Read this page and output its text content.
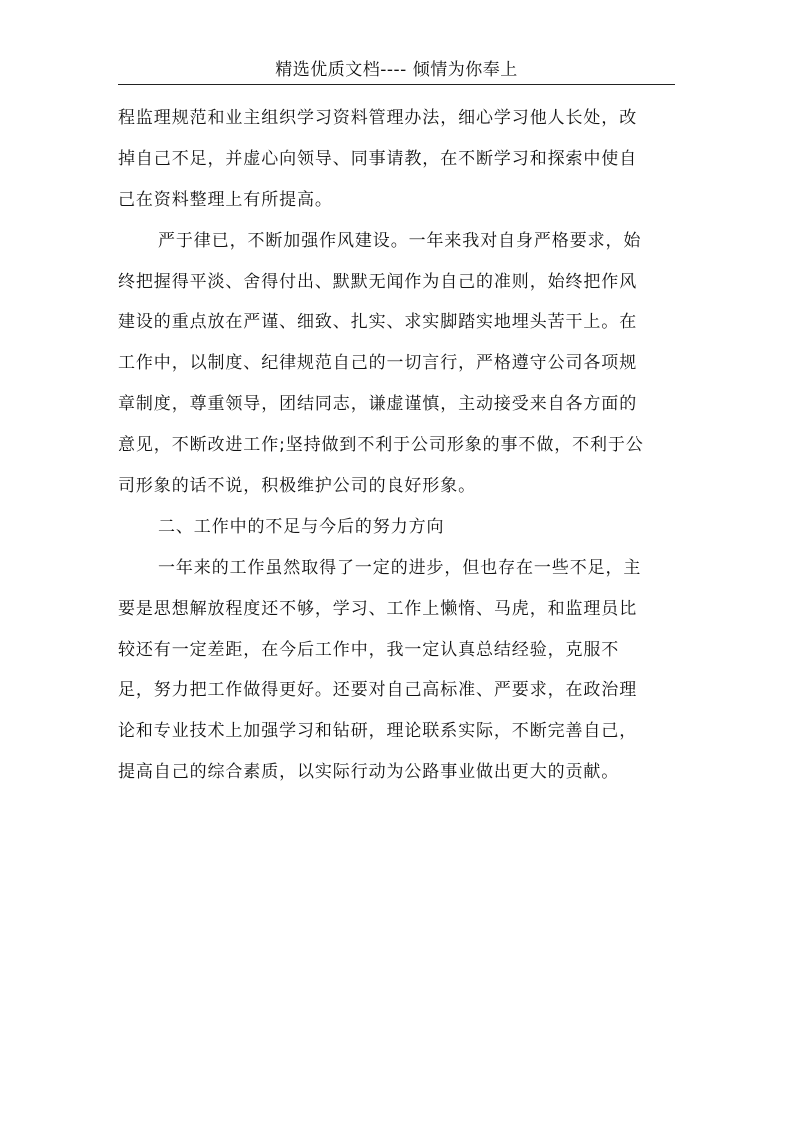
精选优质文档---- 倾情为你奉上
程监理规范和业主组织学习资料管理办法，细心学习他人长处，改
掉自己不足，并虚心向领导、同事请教，在不断学习和探索中使自
己在资料整理上有所提高。
严于律已，不断加强作风建设。一年来我对自身严格要求，始
终把握得平淡、舍得付出、默默无闻作为自己的准则，始终把作风
建设的重点放在严谨、细致、扎实、求实脚踏实地埋头苦干上。在
工作中，以制度、纪律规范自己的一切言行，严格遵守公司各项规
章制度，尊重领导，团结同志，谦虚谨慎，主动接受来自各方面的
意见，不断改进工作;坚持做到不利于公司形象的事不做，不利于公
司形象的话不说，积极维护公司的良好形象。
二、工作中的不足与今后的努力方向
一年来的工作虽然取得了一定的进步，但也存在一些不足，主
要是思想解放程度还不够，学习、工作上懒惰、马虎，和监理员比
较还有一定差距，在今后工作中，我一定认真总结经验，克服不
足，努力把工作做得更好。还要对自己高标准、严要求，在政治理
论和专业技术上加强学习和钻研，理论联系实际，不断完善自己，
提高自己的综合素质，以实际行动为公路事业做出更大的贡献。
